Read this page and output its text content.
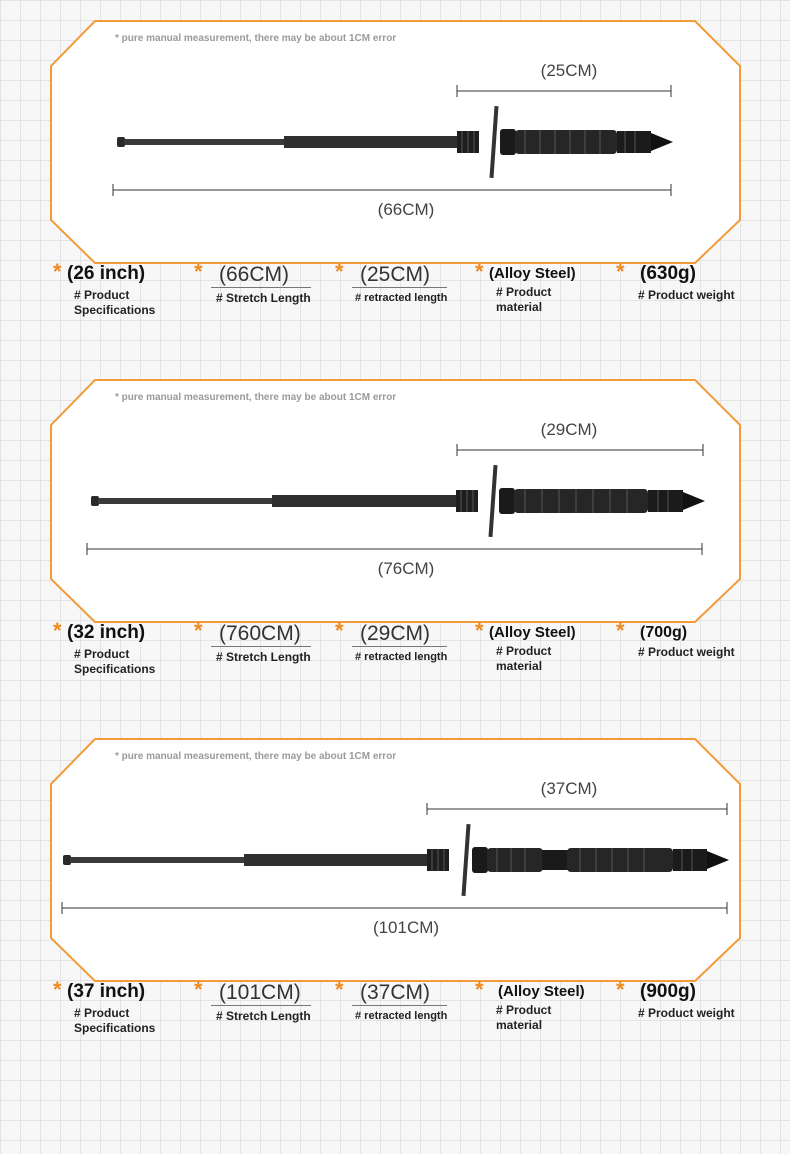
* pure manual measurement, there may be about 1CM error
(25CM)
(66CM)
* (26 inch)
# Product Specifications
* (66CM)
# Stretch Length
* (25CM)
# retracted length
* (Alloy Steel)
# Product material
* (630g)
# Product weight
* pure manual measurement, there may be about 1CM error
(29CM)
(76CM)
* (32 inch)
# Product Specifications
* (760CM)
# Stretch Length
* (29CM)
# retracted length
* (Alloy Steel)
# Product material
* (700g)
# Product weight
* pure manual measurement, there may be about 1CM error
(37CM)
(101CM)
* (37 inch)
# Product Specifications
* (101CM)
# Stretch Length
* (37CM)
# retracted length
* (Alloy Steel)
# Product material
* (900g)
# Product weight
